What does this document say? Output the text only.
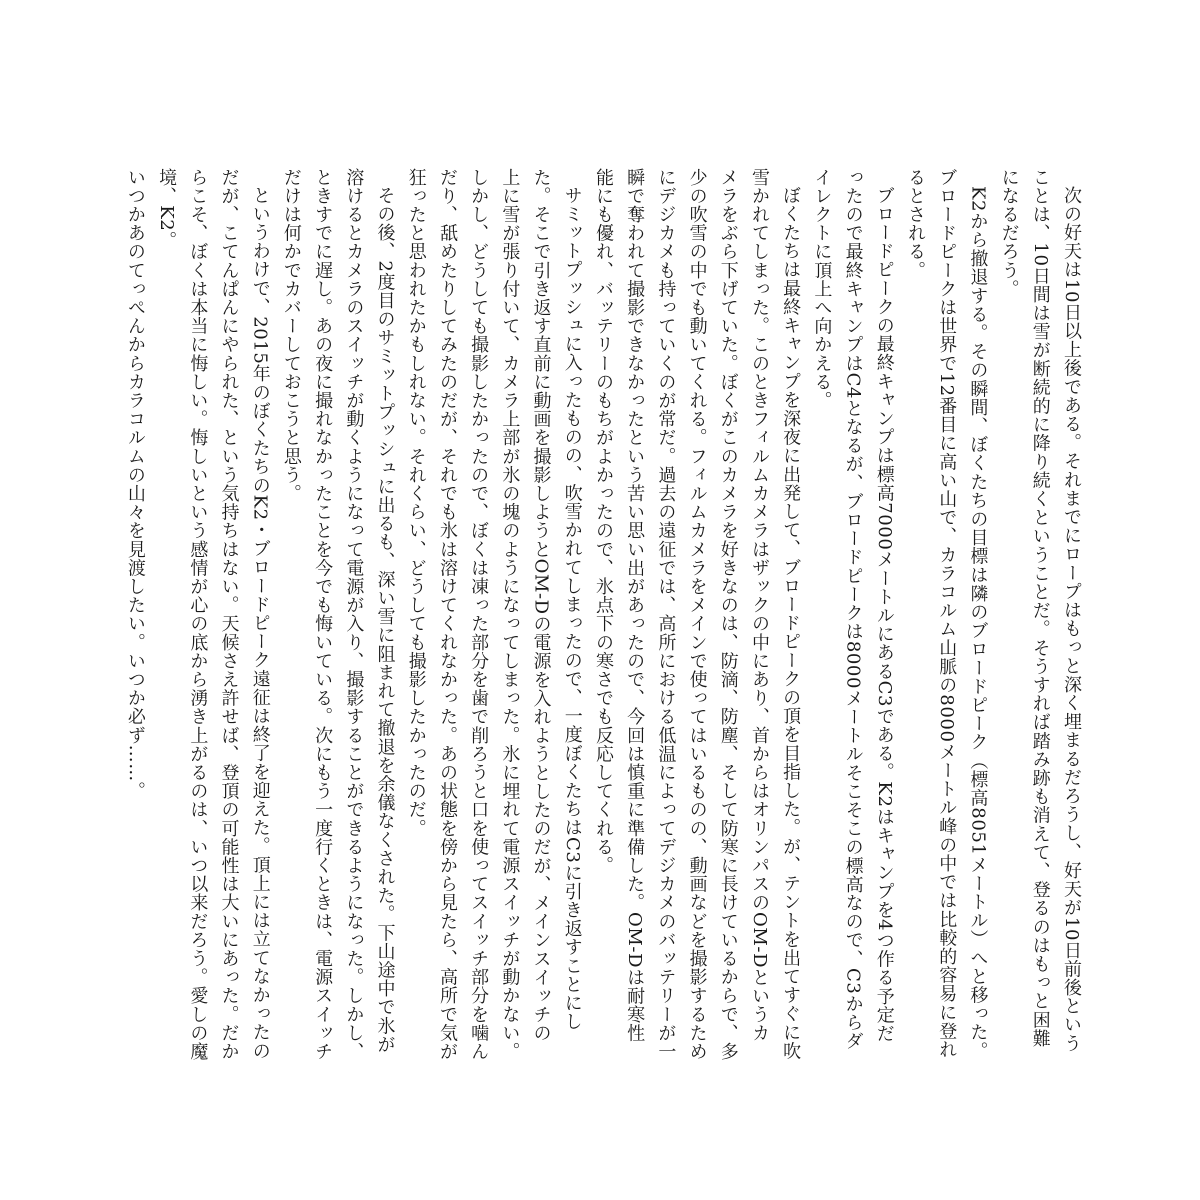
次の好天は10日以上後である。それまでにロープはもっと深く埋まるだろうし、好天が10日前後ということは、10日間は雪が断続的に降り続くということだ。そうすれば踏み跡も消えて、登るのはもっと困難になるだろう。

K2から撤退する。その瞬間、ぼくたちの目標は隣のブロードピーク（標高8051メートル）へと移った。ブロードピークは世界で12番目に高い山で、カラコルム山脈の8000メートル峰の中では比較的容易に登れるとされる。

ブロードピークの最終キャンプは標高7000メートルにあるC3である。K2はキャンプを4つ作る予定だったので最終キャンプはC4となるが、ブロードピークは8000メートルそこそこの標高なので、C3からダイレクトに頂上へ向かえる。

ぼくたちは最終キャンプを深夜に出発して、ブロードピークの頂を目指した。が、テントを出てすぐに吹雪かれてしまった。このときフィルムカメラはザックの中にあり、首からはオリンパスのOM-Dというカメラをぶら下げていた。ぼくがこのカメラを好きなのは、防滴、防塵、そして防寒に長けているからで、多少の吹雪の中でも動いてくれる。フィルムカメラをメインで使ってはいるものの、動画などを撮影するためにデジカメも持っていくのが常だ。過去の遠征では、高所における低温によってデジカメのバッテリーが一瞬で奪われて撮影できなかったという苦い思い出があったので、今回は慎重に準備した。OM-Dは耐寒性能にも優れ、バッテリーのもちがよかったので、氷点下の寒さでも反応してくれる。

サミットプッシュに入ったものの、吹雪かれてしまったので、一度ぼくたちはC3に引き返すことにした。そこで引き返す直前に動画を撮影しようとOM-Dの電源を入れようとしたのだが、メインスイッチの上に雪が張り付いて、カメラ上部が氷の塊のようになってしまった。氷に埋れて電源スイッチが動かない。しかし、どうしても撮影したかったので、ぼくは凍った部分を歯で削ろうと口を使ってスイッチ部分を噛んだり、舐めたりしてみたのだが、それでも氷は溶けてくれなかった。あの状態を傍から見たら、高所で気が狂ったと思われたかもしれない。それくらい、どうしても撮影したかったのだ。

その後、2度目のサミットプッシュに出るも、深い雪に阻まれて撤退を余儀なくされた。下山途中で氷が溶けるとカメラのスイッチが動くようになって電源が入り、撮影することができるようになった。しかし、ときすでに遅し。あの夜に撮れなかったことを今でも悔いている。次にもう一度行くときは、電源スイッチだけは何かでカバーしておこうと思う。

というわけで、2015年のぼくたちのK2・ブロードピーク遠征は終了を迎えた。頂上には立てなかったのだが、こてんぱんにやられた、という気持ちはない。天候さえ許せば、登頂の可能性は大いにあった。だからこそ、ぼくは本当に悔しい。悔しいという感情が心の底から湧き上がるのは、いつ以来だろう。愛しの魔境、K2。

いつかあのてっぺんからカラコルムの山々を見渡したい。いつか必ず……。
